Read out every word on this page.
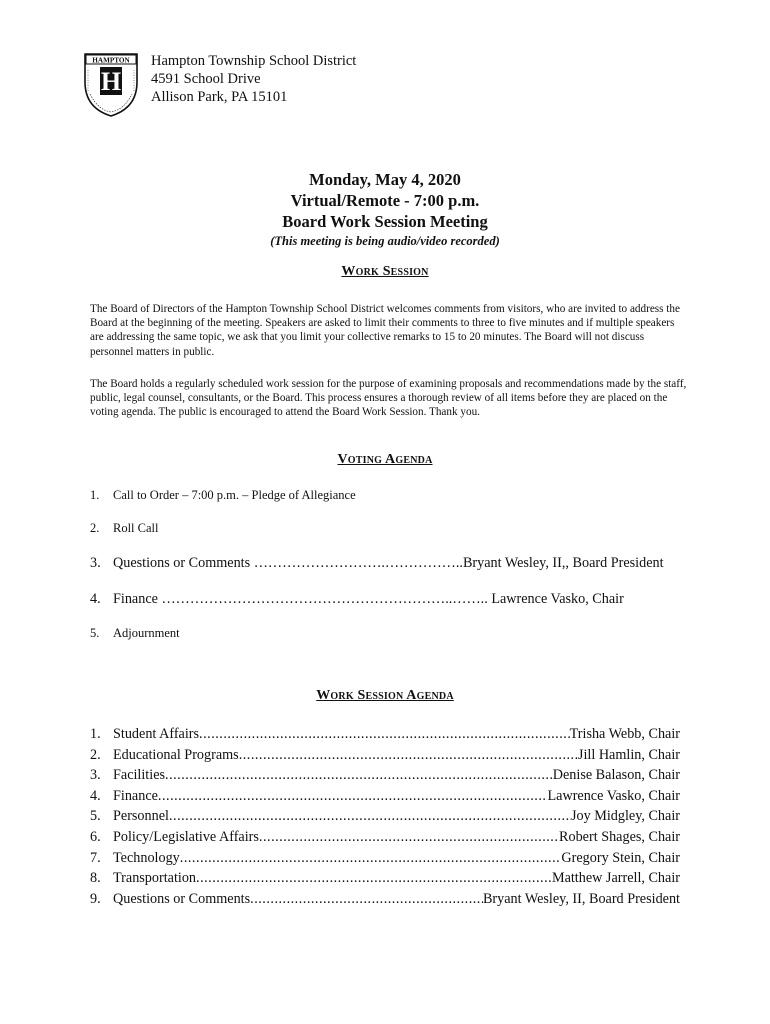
HAMPTON
H
Hampton Township School District
4591 School Drive
Allison Park, PA 15101
Monday, May 4, 2020
Virtual/Remote - 7:00 p.m.
Board Work Session Meeting
(This meeting is being audio/video recorded)
Work Session
The Board of Directors of the Hampton Township School District welcomes comments from visitors, who are invited to address the Board at the beginning of the meeting. Speakers are asked to limit their comments to three to five minutes and if multiple speakers are addressing the same topic, we ask that you limit your collective remarks to 15 to 20 minutes. The Board will not discuss personnel matters in public.
The Board holds a regularly scheduled work session for the purpose of examining proposals and recommendations made by the staff, public, legal counsel, consultants, or the Board. This process ensures a thorough review of all items before they are placed on the voting agenda. The public is encouraged to attend the Board Work Session. Thank you.
Voting Agenda
1. Call to Order – 7:00 p.m. – Pledge of Allegiance
2. Roll Call
3. Questions or Comments ……………………….……………..Bryant Wesley, II,, Board President
4. Finance ……………………………………………………..…….. Lawrence Vasko, Chair
5. Adjournment
Work Session Agenda
1. Student Affairs .....	Trisha Webb, Chair
2. Educational Programs .....	Jill Hamlin, Chair
3. Facilities .....	Denise Balason, Chair
4. Finance .....	Lawrence Vasko, Chair
5. Personnel .....	Joy Midgley, Chair
6. Policy/Legislative Affairs .....	Robert Shages, Chair
7. Technology .....	Gregory Stein, Chair
8. Transportation .....	Matthew Jarrell, Chair
9. Questions or Comments .....	Bryant Wesley, II, Board President
